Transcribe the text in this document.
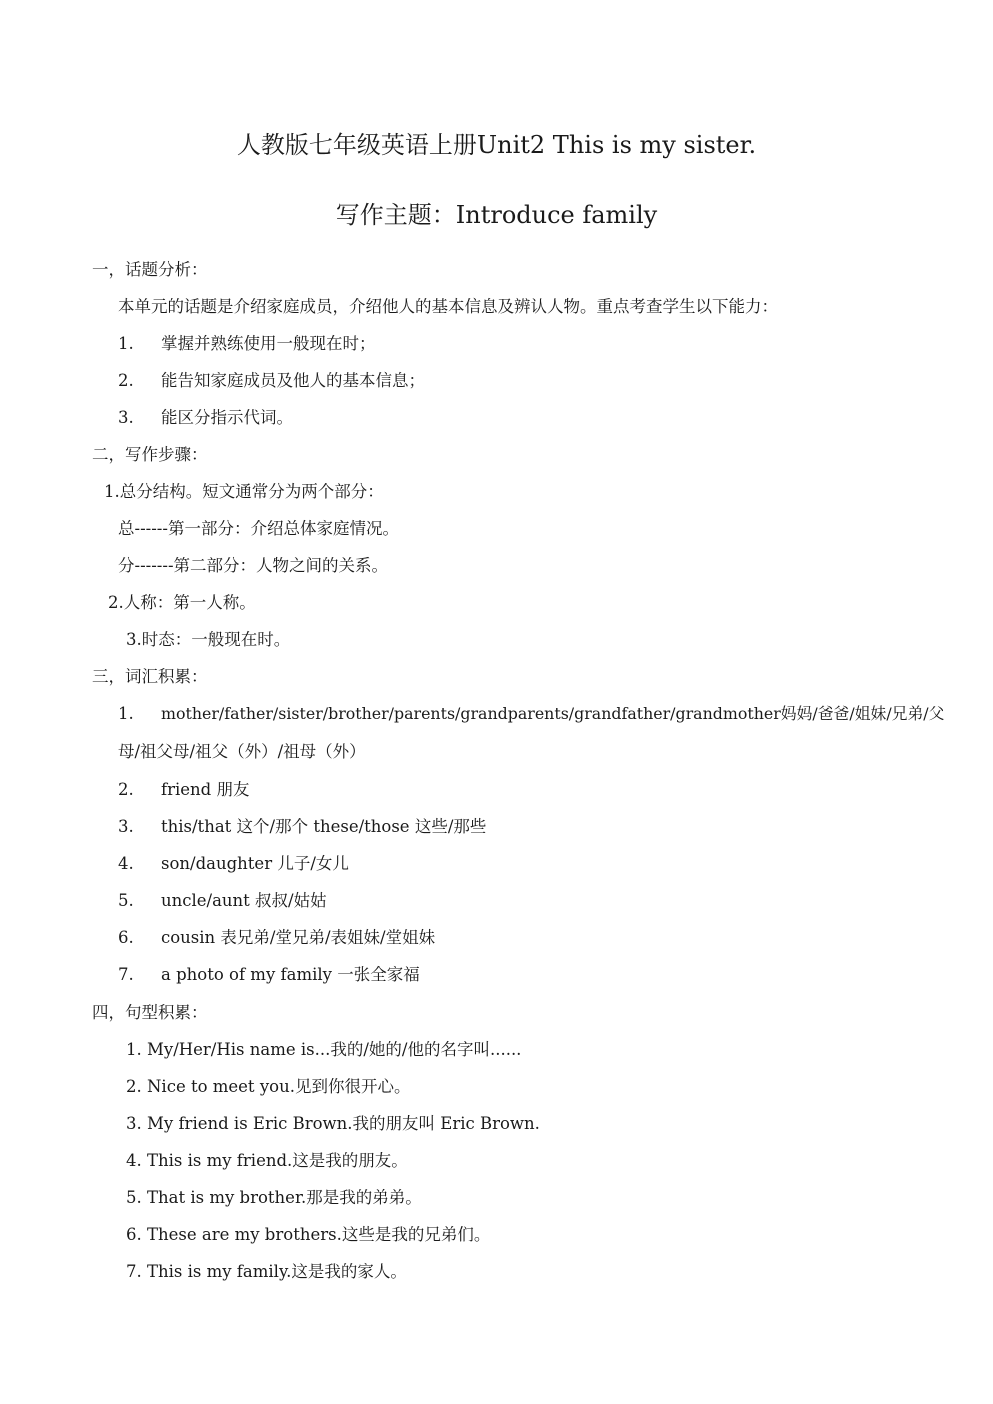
人教版七年级英语上册Unit2 This is my sister.
写作主题：Introduce family
一，话题分析：
本单元的话题是介绍家庭成员，介绍他人的基本信息及辨认人物。重点考查学生以下能力：
1. 掌握并熟练使用一般现在时；
2. 能告知家庭成员及他人的基本信息；
3. 能区分指示代词。
二，写作步骤：
1.总分结构。短文通常分为两个部分：
总------第一部分：介绍总体家庭情况。
分-------第二部分：人物之间的关系。
2.人称：第一人称。
3.时态：一般现在时。
三，词汇积累：
1. mother/father/sister/brother/parents/grandparents/grandfather/grandmother 妈 妈 / 爸 爸 / 姐 妹 / 兄 弟 / 父
母/祖父母/祖父（外）/祖母（外）
2. friend 朋友
3. this/that 这个/那个 these/those 这些/那些
4. son/daughter 儿子/女儿
5. uncle/aunt 叔叔/姑姑
6. cousin 表兄弟/堂兄弟/表姐妹/堂姐妹
7. a photo of my family 一张全家福
四，句型积累：
1. My/Her/His name is...我的/她的/他的名字叫......
2. Nice to meet you.见到你很开心。
3. My friend is Eric Brown.我的朋友叫 Eric Brown.
4. This is my friend.这是我的朋友。
5. That is my brother.那是我的弟弟。
6. These are my brothers.这些是我的兄弟们。
7. This is my family.这是我的家人。
